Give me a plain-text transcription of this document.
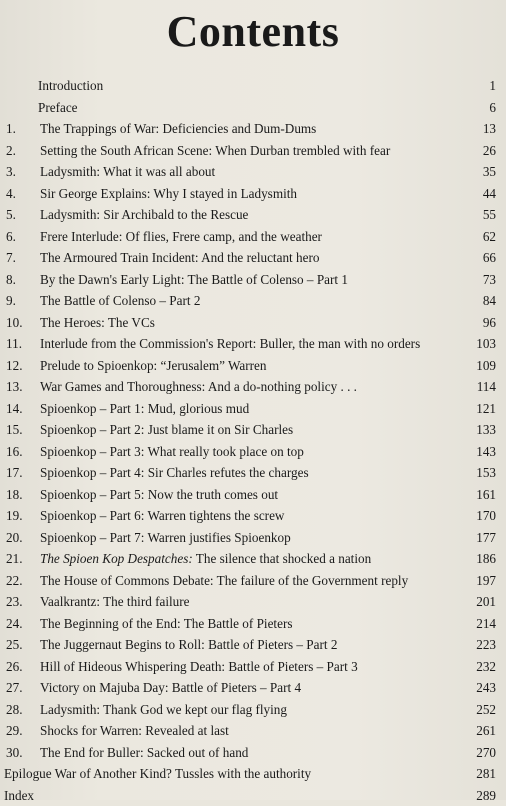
Contents
Introduction	1
Preface	6
1.	The Trappings of War: Deficiencies and Dum-Dums	13
2.	Setting the South African Scene: When Durban trembled with fear	26
3.	Ladysmith: What it was all about	35
4.	Sir George Explains: Why I stayed in Ladysmith	44
5.	Ladysmith: Sir Archibald to the Rescue	55
6.	Frere Interlude: Of flies, Frere camp, and the weather	62
7.	The Armoured Train Incident: And the reluctant hero	66
8.	By the Dawn's Early Light: The Battle of Colenso – Part 1	73
9.	The Battle of Colenso – Part 2	84
10.	The Heroes: The VCs	96
11.	Interlude from the Commission's Report: Buller, the man with no orders	103
12.	Prelude to Spioenkop: “Jerusalem” Warren	109
13.	War Games and Thoroughness: And a do-nothing policy . . .	114
14.	Spioenkop – Part 1: Mud, glorious mud	121
15.	Spioenkop – Part 2: Just blame it on Sir Charles	133
16.	Spioenkop – Part 3: What really took place on top	143
17.	Spioenkop – Part 4: Sir Charles refutes the charges	153
18.	Spioenkop – Part 5: Now the truth comes out	161
19.	Spioenkop – Part 6: Warren tightens the screw	170
20.	Spioenkop – Part 7: Warren justifies Spioenkop	177
21.	The Spioen Kop Despatches: The silence that shocked a nation	186
22.	The House of Commons Debate: The failure of the Government reply	197
23.	Vaalkrantz: The third failure	201
24.	The Beginning of the End: The Battle of Pieters	214
25.	The Juggernaut Begins to Roll: Battle of Pieters – Part 2	223
26.	Hill of Hideous Whispering Death: Battle of Pieters – Part 3	232
27.	Victory on Majuba Day: Battle of Pieters – Part 4	243
28.	Ladysmith: Thank God we kept our flag flying	252
29.	Shocks for Warren: Revealed at last	261
30.	The End for Buller: Sacked out of hand	270
Epilogue War of Another Kind? Tussles with the authority	281
Index	289
